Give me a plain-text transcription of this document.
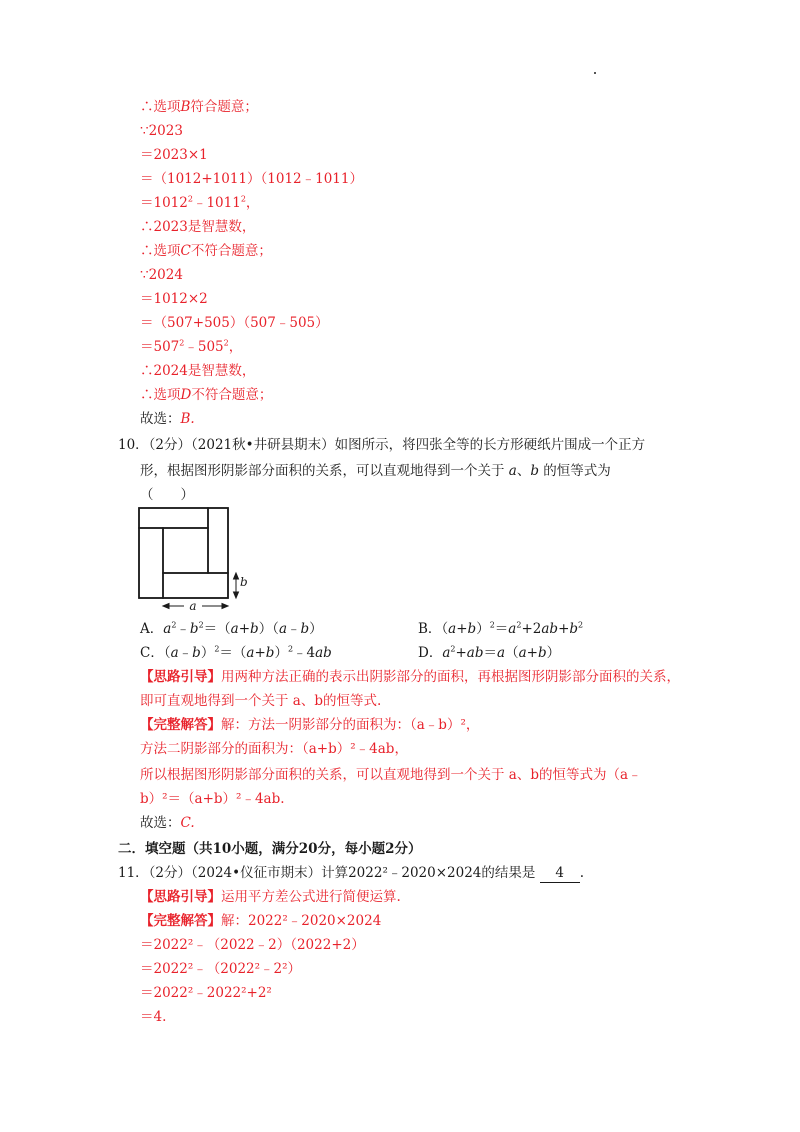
∴选项B符合题意；
∵2023
＝2023×1
＝（1012+1011）（1012﹣1011）
$=1012^2﹣1011^2$，
∴2023是智慧数，
∴选项C不符合题意；
∵2024
＝1012×2
＝（507+505）（507﹣505）
$=507^2﹣505^2$，
∴2024是智慧数，
∴选项D不符合题意；
故选：B.
10．（2分）（2021秋•井研县期末）如图所示，将四张全等的长方形硬纸片围成一个正方
形，根据图形阴影部分面积的关系，可以直观地得到一个关于 a、b 的恒等式为
（　　）
a
b
A．$a^2﹣b^2=(a+b)(a﹣b)$	B．$(a+b)^2=a^2+2ab+b^2$
C．$(a﹣b)^2=(a+b)^2﹣4ab$	D．$a^2+ab=a(a+b)$
【思路引导】用两种方法正确的表示出阴影部分的面积，再根据图形阴影部分面积的关系，
即可直观地得到一个关于 a、b的恒等式.
【完整解答】解：方法一阴影部分的面积为：（a﹣b）²，
方法二阴影部分的面积为：（a+b）²﹣4ab，
所以根据图形阴影部分面积的关系，可以直观地得到一个关于 a、b的恒等式为（a﹣
b）²＝（a+b）²﹣4ab.
故选：C.
二．填空题（共10小题，满分20分，每小题2分）
11．（2分）（2024•仪征市期末）计算2022²﹣2020×2024的结果是 4 .
【思路引导】运用平方差公式进行简便运算.
【完整解答】解：2022²﹣2020×2024
＝2022²﹣（2022﹣2）（2022+2）
＝2022²﹣（2022²﹣2²）
＝2022²﹣2022²+2²
＝4.
